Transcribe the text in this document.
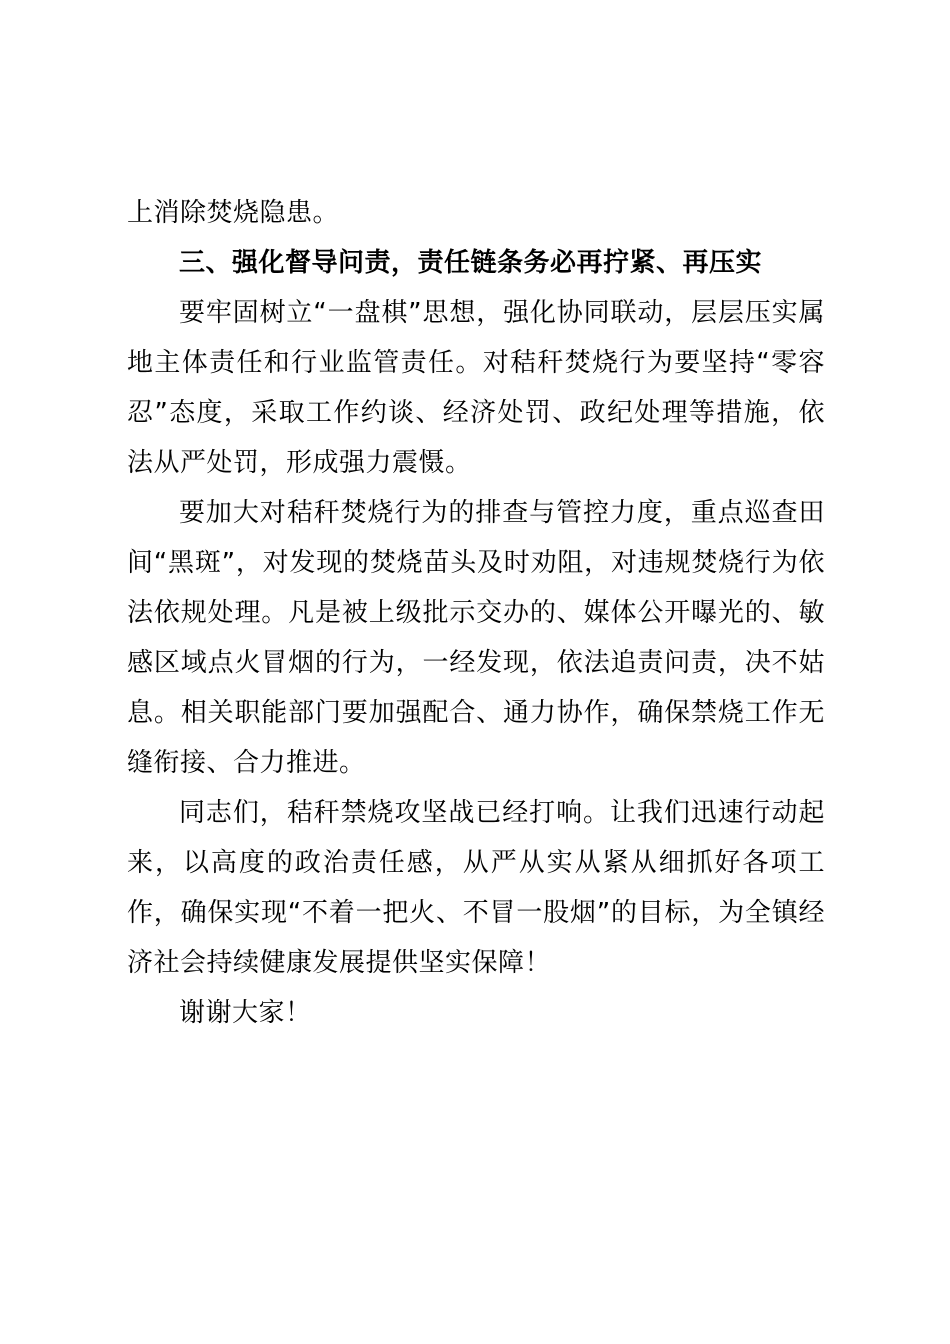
上消除焚烧隐患。

三、强化督导问责，责任链条务必再拧紧、再压实

要牢固树立“一盘棋”思想，强化协同联动，层层压实属地主体责任和行业监管责任。对秸秆焚烧行为要坚持“零容忍”态度，采取工作约谈、经济处罚、政纪处理等措施，依法从严处罚，形成强力震慑。

要加大对秸秆焚烧行为的排查与管控力度，重点巡查田间“黑斑”，对发现的焚烧苗头及时劝阻，对违规焚烧行为依法依规处理。凡是被上级批示交办的、媒体公开曝光的、敏感区域点火冒烟的行为，一经发现，依法追责问责，决不姑息。相关职能部门要加强配合、通力协作，确保禁烧工作无缝衔接、合力推进。

同志们，秸秆禁烧攻坚战已经打响。让我们迅速行动起来，以高度的政治责任感，从严从实从紧从细抓好各项工作，确保实现“不着一把火、不冒一股烟”的目标，为全镇经济社会持续健康发展提供坚实保障！

谢谢大家！
